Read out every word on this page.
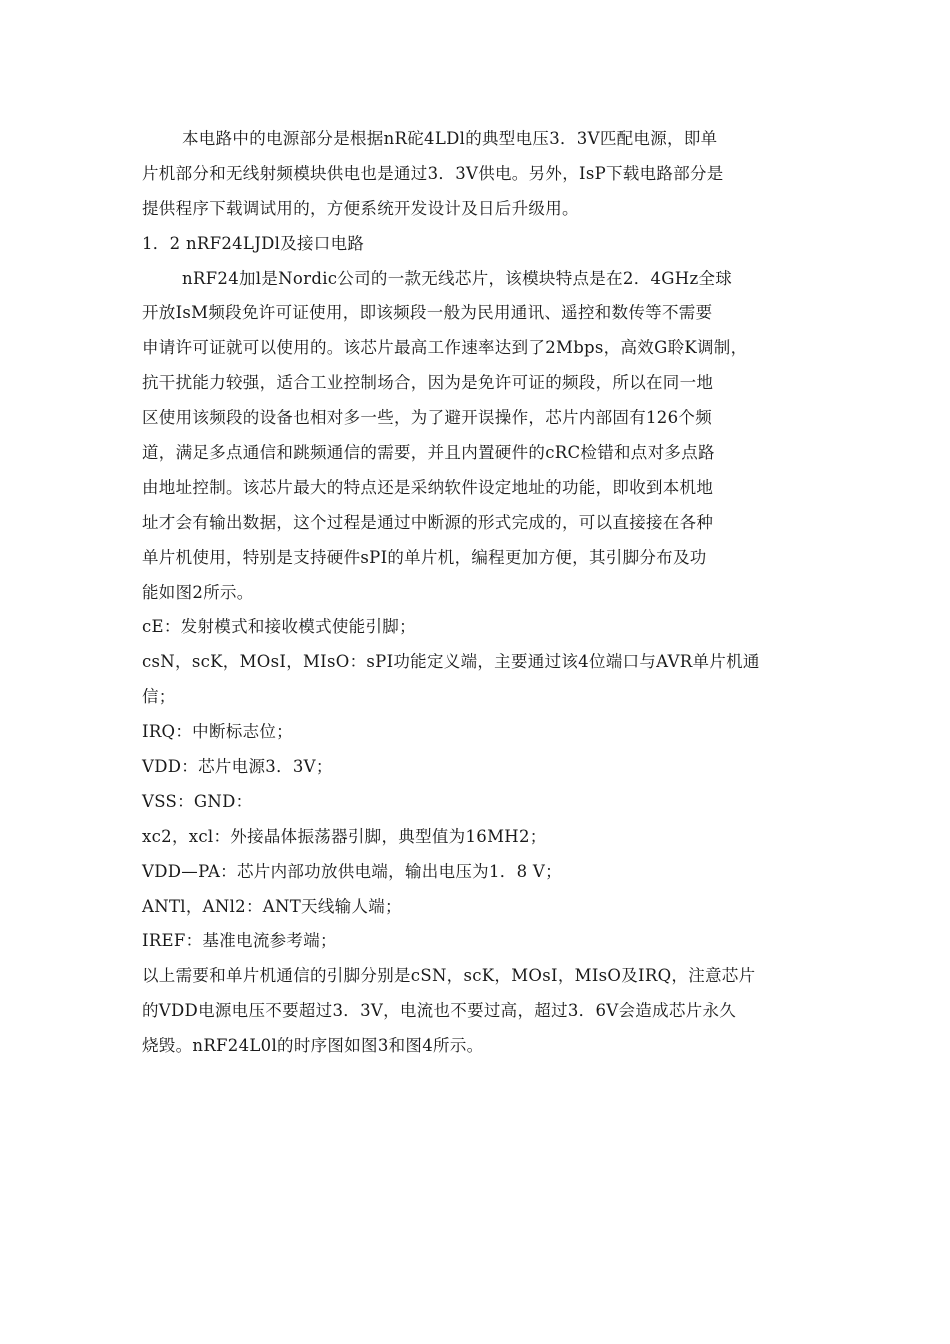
本电路中的电源部分是根据nR砣4LDl的典型电压3．3V匹配电源，即单
片机部分和无线射频模块供电也是通过3．3V供电。另外，IsP下载电路部分是
提供程序下载调试用的，方便系统开发设计及日后升级用。
1．2 nRF24LJDl及接口电路
nRF24加l是Nordic公司的一款无线芯片，该模块特点是在2．4GHz全球
开放IsM频段免许可证使用，即该频段一般为民用通讯、遥控和数传等不需要
申请许可证就可以使用的。该芯片最高工作速率达到了2Mbps，高效G聆K调制，
抗干扰能力较强，适合工业控制场合，因为是免许可证的频段，所以在同一地
区使用该频段的设备也相对多一些，为了避开误操作，芯片内部固有126个频
道，满足多点通信和跳频通信的需要，并且内置硬件的cRC检错和点对多点路
由地址控制。该芯片最大的特点还是采纳软件设定地址的功能，即收到本机地
址才会有输出数据，这个过程是通过中断源的形式完成的，可以直接接在各种
单片机使用，特别是支持硬件sPI的单片机，编程更加方便，其引脚分布及功
能如图2所示。
cE：发射模式和接收模式使能引脚；
csN，scK，MOsI，MIsO：sPI功能定义端，主要通过该4位端口与AVR单片机通
信；
IRQ：中断标志位；
VDD：芯片电源3．3V；
VSS：GND：
xc2，xcl：外接晶体振荡器引脚，典型值为16MH2；
VDD—PA：芯片内部功放供电端，输出电压为1．8 V；
ANTl，ANl2：ANT天线输人端；
IREF：基准电流参考端；
以上需要和单片机通信的引脚分别是cSN，scK，MOsI，MIsO及IRQ，注意芯片
的VDD电源电压不要超过3．3V，电流也不要过高，超过3．6V会造成芯片永久
烧毁。nRF24L0l的时序图如图3和图4所示。
